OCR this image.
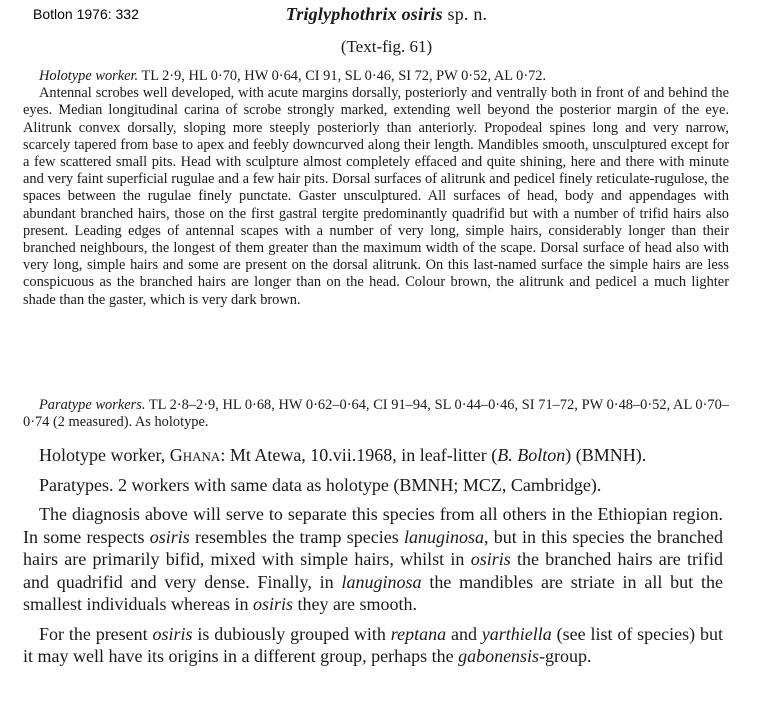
Botlon 1976: 332	Triglyphothrix osiris sp. n.
(Text-fig. 61)

Holotype worker. TL 2·9, HL 0·70, HW 0·64, CI 91, SL 0·46, SI 72, PW 0·52, AL 0·72.

Antennal scrobes well developed, with acute margins dorsally, posteriorly and ventrally both in front of and behind the eyes. Median longitudinal carina of scrobe strongly marked, extending well beyond the posterior margin of the eye. Alitrunk convex dorsally, sloping more steeply posteriorly than anteriorly. Propodeal spines long and very narrow, scarcely tapered from base to apex and feebly downcurved along their length. Mandibles smooth, unsculptured except for a few scattered small pits. Head with sculpture almost completely effaced and quite shining, here and there with minute and very faint superficial rugulae and a few hair pits. Dorsal surfaces of alitrunk and pedicel finely reticulate-rugulose, the spaces between the rugulae finely punctate. Gaster unsculptured. All surfaces of head, body and appendages with abundant branched hairs, those on the first gastral tergite predominantly quadrifid but with a number of trifid hairs also present. Leading edges of antennal scapes with a number of very long, simple hairs, considerably longer than their branched neighbours, the longest of them greater than the maximum width of the scape. Dorsal surface of head also with very long, simple hairs and some are present on the dorsal alitrunk. On this last-named surface the simple hairs are less conspicuous as the branched hairs are longer than on the head. Colour brown, the alitrunk and pedicel a much lighter shade than the gaster, which is very dark brown.

Paratype workers. TL 2·8–2·9, HL 0·68, HW 0·62–0·64, CI 91–94, SL 0·44–0·46, SI 71–72, PW 0·48–0·52, AL 0·70–0·74 (2 measured). As holotype.

Holotype worker, Ghana: Mt Atewa, 10.vii.1968, in leaf-litter (B. Bolton) (BMNH).

Paratypes. 2 workers with same data as holotype (BMNH; MCZ, Cambridge).

The diagnosis above will serve to separate this species from all others in the Ethiopian region. In some respects osiris resembles the tramp species lanuginosa, but in this species the branched hairs are primarily bifid, mixed with simple hairs, whilst in osiris the branched hairs are trifid and quadrifid and very dense. Finally, in lanuginosa the mandibles are striate in all but the smallest individuals whereas in osiris they are smooth.

For the present osiris is dubiously grouped with reptana and yarthiella (see list of species) but it may well have its origins in a different group, perhaps the gabonensis-group.
